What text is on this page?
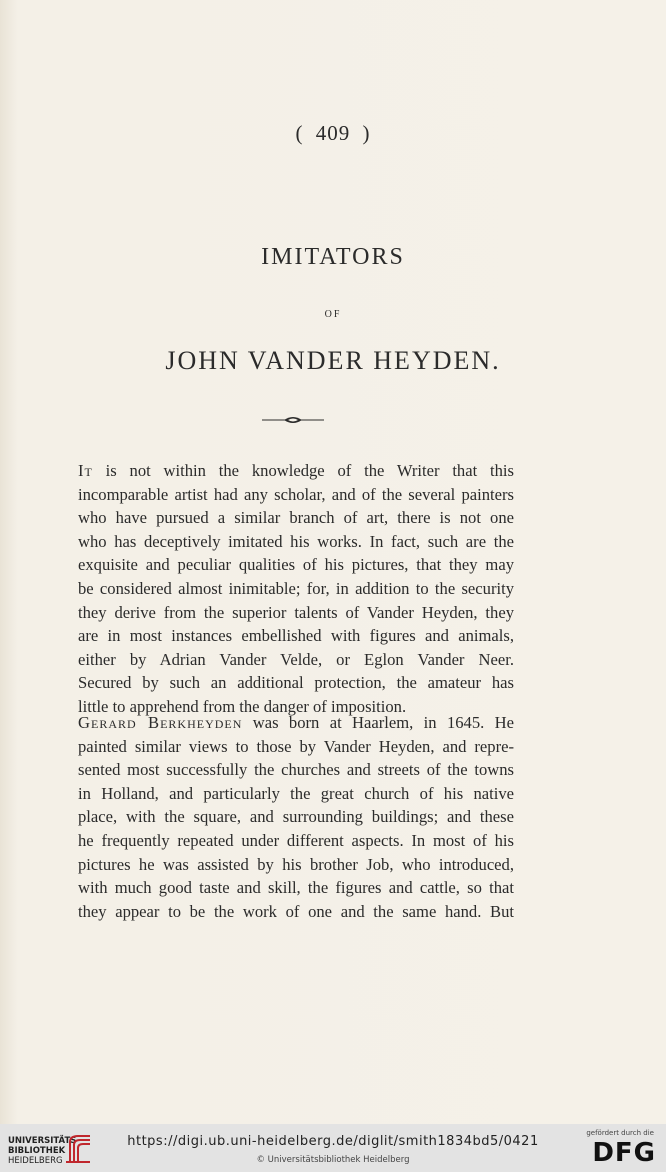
( 409 )
IMITATORS
OF
JOHN VANDER HEYDEN.
It is not within the knowledge of the Writer that this
incomparable artist had any scholar, and of the several painters
who have pursued a similar branch of art, there is not one
who has deceptively imitated his works. In fact, such are the
exquisite and peculiar qualities of his pictures, that they may
be considered almost inimitable; for, in addition to the security
they derive from the superior talents of Vander Heyden, they
are in most instances embellished with figures and animals,
either by Adrian Vander Velde, or Eglon Vander Neer.
Secured by such an additional protection, the amateur has
little to apprehend from the danger of imposition.
Gerard Berkheyden was born at Haarlem, in 1645. He
painted similar views to those by Vander Heyden, and repre-
sented most successfully the churches and streets of the towns
in Holland, and particularly the great church of his native
place, with the square, and surrounding buildings; and these
he frequently repeated under different aspects. In most of his
pictures he was assisted by his brother Job, who introduced,
with much good taste and skill, the figures and cattle, so that
they appear to be the work of one and the same hand. But
UNIVERSITÄTS-
BIBLIOTHEK
HEIDELBERG
https://digi.ub.uni-heidelberg.de/diglit/smith1834bd5/0421
© Universitätsbibliothek Heidelberg
gefördert durch die
DFG
